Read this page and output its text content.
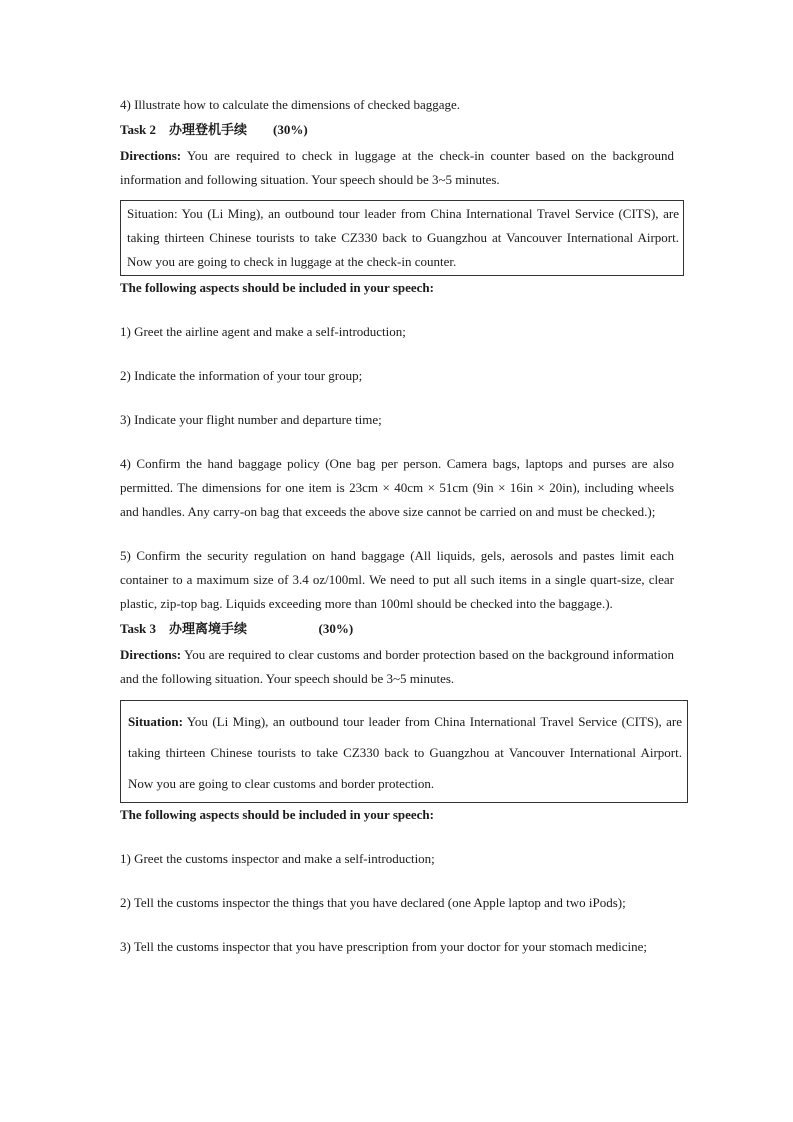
4) Illustrate how to calculate the dimensions of checked baggage.

Task 2 办理登机手续 (30%)

Directions: You are required to check in luggage at the check-in counter based on the background information and following situation. Your speech should be 3~5 minutes.

Situation: You (Li Ming), an outbound tour leader from China International Travel Service (CITS), are taking thirteen Chinese tourists to take CZ330 back to Guangzhou at Vancouver International Airport. Now you are going to check in luggage at the check-in counter.

The following aspects should be included in your speech:

1) Greet the airline agent and make a self-introduction;

2) Indicate the information of your tour group;

3) Indicate your flight number and departure time;

4) Confirm the hand baggage policy (One bag per person. Camera bags, laptops and purses are also permitted. The dimensions for one item is 23cm × 40cm × 51cm (9in × 16in × 20in), including wheels and handles. Any carry-on bag that exceeds the above size cannot be carried on and must be checked.);

5) Confirm the security regulation on hand baggage (All liquids, gels, aerosols and pastes limit each container to a maximum size of 3.4 oz/100ml. We need to put all such items in a single quart-size, clear plastic, zip-top bag. Liquids exceeding more than 100ml should be checked into the baggage.).

Task 3 办理离境手续	(30%)

Directions: You are required to clear customs and border protection based on the background information and the following situation. Your speech should be 3~5 minutes.

Situation: You (Li Ming), an outbound tour leader from China International Travel Service (CITS), are taking thirteen Chinese tourists to take CZ330 back to Guangzhou at Vancouver International Airport. Now you are going to clear customs and border protection.

The following aspects should be included in your speech:

1) Greet the customs inspector and make a self-introduction;

2) Tell the customs inspector the things that you have declared (one Apple laptop and two iPods);

3) Tell the customs inspector that you have prescription from your doctor for your stomach medicine;
